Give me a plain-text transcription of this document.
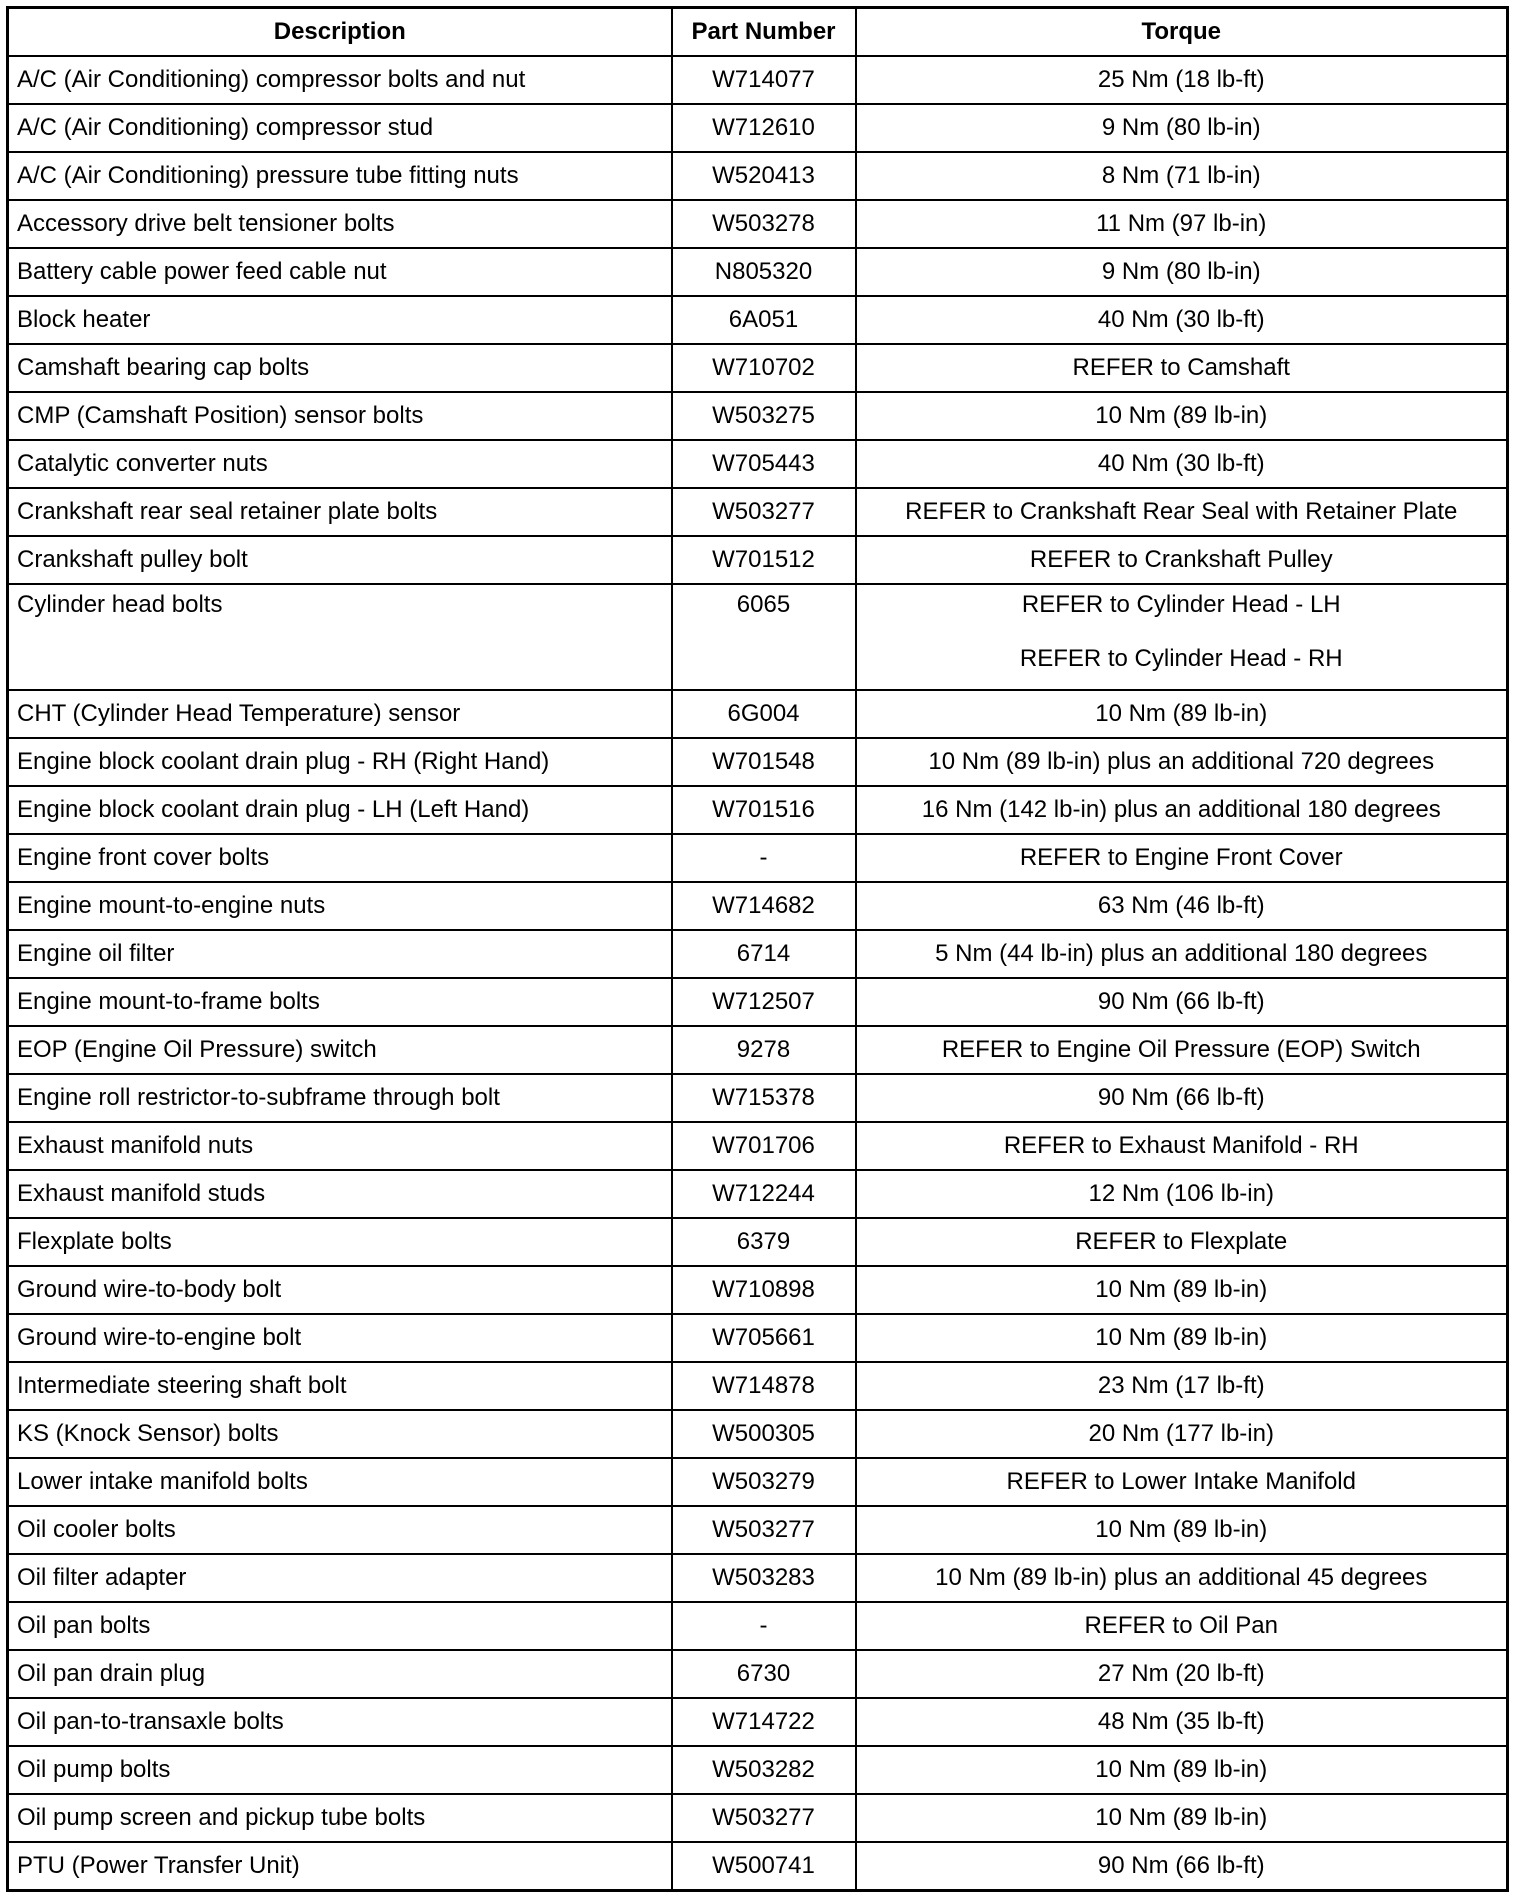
Description	Part Number	Torque
A/C (Air Conditioning) compressor bolts and nut	W714077	25 Nm (18 lb-ft)

A/C (Air Conditioning) compressor stud	W712610	9 Nm (80 lb-in)

A/C (Air Conditioning) pressure tube fitting nuts	W520413	8 Nm (71 lb-in)

Accessory drive belt tensioner bolts	W503278	11 Nm (97 lb-in)

Battery cable power feed cable nut	N805320	9 Nm (80 lb-in)

Block heater	6A051	40 Nm (30 lb-ft)

Camshaft bearing cap bolts	W710702	REFER to Camshaft

CMP (Camshaft Position) sensor bolts	W503275	10 Nm (89 lb-in)

Catalytic converter nuts	W705443	40 Nm (30 lb-ft)

Crankshaft rear seal retainer plate bolts	W503277	REFER to Crankshaft Rear Seal with Retainer Plate

Crankshaft pulley bolt	W701512	REFER to Crankshaft Pulley

Cylinder head bolts	6065	REFER to Cylinder Head - LH
REFER to Cylinder Head - RH

CHT (Cylinder Head Temperature) sensor	6G004	10 Nm (89 lb-in)

Engine block coolant drain plug - RH (Right Hand)	W701548	10 Nm (89 lb-in) plus an additional 720 degrees

Engine block coolant drain plug - LH (Left Hand)	W701516	16 Nm (142 lb-in) plus an additional 180 degrees

Engine front cover bolts	-	REFER to Engine Front Cover

Engine mount-to-engine nuts	W714682	63 Nm (46 lb-ft)

Engine oil filter	6714	5 Nm (44 lb-in) plus an additional 180 degrees

Engine mount-to-frame bolts	W712507	90 Nm (66 lb-ft)

EOP (Engine Oil Pressure) switch	9278	REFER to Engine Oil Pressure (EOP) Switch

Engine roll restrictor-to-subframe through bolt	W715378	90 Nm (66 lb-ft)

Exhaust manifold nuts	W701706	REFER to Exhaust Manifold - RH

Exhaust manifold studs	W712244	12 Nm (106 lb-in)

Flexplate bolts	6379	REFER to Flexplate

Ground wire-to-body bolt	W710898	10 Nm (89 lb-in)

Ground wire-to-engine bolt	W705661	10 Nm (89 lb-in)

Intermediate steering shaft bolt	W714878	23 Nm (17 lb-ft)

KS (Knock Sensor) bolts	W500305	20 Nm (177 lb-in)

Lower intake manifold bolts	W503279	REFER to Lower Intake Manifold

Oil cooler bolts	W503277	10 Nm (89 lb-in)

Oil filter adapter	W503283	10 Nm (89 lb-in) plus an additional 45 degrees

Oil pan bolts	-	REFER to Oil Pan

Oil pan drain plug	6730	27 Nm (20 lb-ft)

Oil pan-to-transaxle bolts	W714722	48 Nm (35 lb-ft)

Oil pump bolts	W503282	10 Nm (89 lb-in)

Oil pump screen and pickup tube bolts	W503277	10 Nm (89 lb-in)

PTU (Power Transfer Unit)	W500741	90 Nm (66 lb-ft)
